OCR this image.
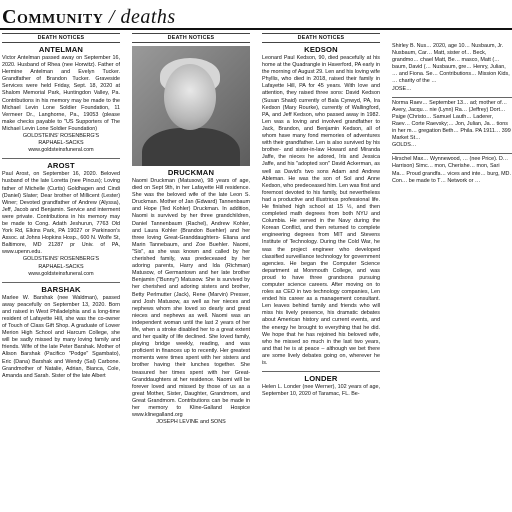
Community / deaths
DEATH NOTICES
ANTELMAN

Victor Antelman passed away on September 16, 2020. Husband of Rhea (nee Horwitz). Father of Hermine Antelman and Evelyn Tucker. Grandfather of Brandon Tucker. Graveside Services were held Friday, Sept. 18, 2020 at Shalom Memorial Park, Huntingdon Valley, Pa. Contributions in his memory may be made to the Michael Levin Lone Soldier Foundation, 11 Vermeer Dr., Langhorne, Pa., 19053 (please make checks payable to "US Supporters of The Michael Levin Lone Soldier Foundation)

GOLDSTEINS' ROSENBERG'S

RAPHAEL-SACKS

www.goldsteinsfuneral.com

AROST

Paul Arost, on September 16, 2020. Beloved husband of the late Loretta (nee Pincus); Loving father of Michelle (Curtis) Goldhagen and Cindi (Daniel) Slater; Dear brother of Millicent (Lester) Winer; Devoted grandfather of Andrew (Alyssa), Jeff, Jacob and Benjamin. Service and interment were private. Contributions in his memory may be made to Cong. Adath Jeshurun, 7763 Old York Rd, Elkins Park, PA 19027 or Parkinson's Assoc. at Johns Hopkins Hosp., 600 N. Wolfe St, Baltimore, MD 21287 pr Univ. of PA, www.upenn.edu.

GOLDSTEINS' ROSENBERG'S

RAPHAEL-SACKS

www.goldsteinsfuneral.com

BARSHAK

Marlee W. Barshak (nee Waldman), passed away peacefully on September 13, 2020. Born and raised in West Philadelphia and a long-time resident of Lafayette Hill, she was the co-owner of Touch of Class Gift Shop. A graduate of Lower Merion High School and Harcum College, she will be sadly missed by many loving family and friends. Wife of the late Peter Barshak. Mother of Alison Barshak (Pacifico "Podge" Sgambato), Eric (Dana) Barshak and Wendy (Sal) Carbone. Grandmother of Natalie, Adrian, Bianca, Cole, Amanda and Sarah. Sister of the late Albert

DEATH NOTICES
DRUCKMAN

Naomi Druckman (Matusow), 98 years of age, died on Sept 9th, in her Lafayette Hill residence. She was the beloved wife of the late Leon S. Druckman. Mother of Jan (Edward) Tannenbaum and Hope (Ted Kohler) Druckman. In addition, Naomi is survived by her three grandchildren, Daniel Tannenbaum (Rachel), Andrew Kohler, and Laura Kohler (Brandon Buehler) and her three loving Great-Granddaughters- Eliana and Marin Tannebaum, and Zoe Buehler. Naomi, "Sis", as she was known and called by her cherished family, was predeceased by her adoring parents, Harry and Ida (Richman) Matusow, of Germantown and her late brother Benjamin ("Bunny") Matusow. She is survived by her cherished and adoring sisters and brother, Betty Perlmutter (Jack), Rene (Marvin) Presser, and Josh Matusow, as well as her nieces and nephews whom she loved so dearly and great nieces and nephews as well. Naomi was an independent woman until the last 2 years of her life, when a stroke disabled her to a great extent and her quality of life declined. She loved family, playing bridge weekly, reading, and was proficient in finances up to recently. Her greatest moments were times spent with her sisters and brother having their lunches together. She treasured her times spent with her Great- Granddaughters at her residence. Naomi will be forever loved and missed by those of us as a great Mother, Sister, Daughter, Grandmom, and Great Grandmom. Contributions can be made in her memory to Kline-Galland Hospice www.klinegalland.org

JOSEPH LEVINE and SONS

DEATH NOTICES
KEDSON

Leonard Paul Kedson, 90, died peacefully at his home at the Quadrangle in Haverford, PA early in the morning of August 29. Len and his loving wife Phyllis, who died in 2018, raised their family in Lafayette Hill, PA for 45 years. With love and attention, they raised three sons: David Kedson (Susan Shaid) currently of Bala Cynwyd, PA, Ira Kedson (Mary Rourke), currently of Wallingford, PA, and Jeff Kedson, who passed away in 1982. Len was a loving and involved grandfather to Jack, Brandon, and Benjamin Kedson, all of whom have many fond memories of adventures with their grandfather. Len is also survived by his brother- and sister-in-law Howard and Miranda Jaffe, the nieces he adored, Iris and Jessica Jaffe, and his "adopted son" David Ackerman, as well as David's two sons Adam and Andrew Ableman. He was the son of Sol and Anne Kedson, who predeceased him. Len was first and foremost devoted to his family, but nevertheless had a productive and illustrious professional life. He finished high school at 15 ½, and then completed math degrees from both NYU and Columbia. He served in the Navy during the Korean Conflict, and then returned to complete engineering degrees from MIT and Stevens Institute of Technology. During the Cold War, he was the project engineer who developed classified surveillance technology for government agencies. He began the Computer Science department at Monmouth College, and was proud to have three grandsons pursuing computer science careers. After moving on to roles as CEO in two technology companies, Len ended his career as a management consultant. Len leaves behind family and friends who will miss his lively presence, his dramatic debates about American history and current events, and the energy he brought to everything that he did. We hope that he has rejoined his beloved wife, who he missed so much in the last two years, and that he is at peace – although we bet there are some lively debates going on, wherever he is.

LONDER

Helen L. Londer (nee Werner), 102 years of age, September 10, 2020 of Taramac, FL. Be-

Shirley B. Nus… 2020, age 10… Nusbaum, Jr. Nusbaum, Car… Matt, sister of… Beck, grandmo… chael Matt, Be… masco, Matt (… baum, David (… Nusbaum, gre… Henry, Julian, … and Fiona. Se… Contributions… Mission Kids, … charity of the …

JOSE…

Norma Raev… September 13… ad; mother of… Avery, Jacqu… nie (Lynn) Ra… (Jeffrey) Dort… Paige (Christo… Samuel Lauth… Laderer, Raev… Corte Raevsky;… Jon, Julian, Ja… tions in her m… gregation Beth… Phila. PA 1911… 399 Market St…

GOLDS…

Hirschel Max… Wynnewood, … (nee Price). D… Harrison) Simc… mon, Cherishe… mon, Sari Ma… Proud grandfa… vices and inte… burg, MD. Con… be made to T… Network or …
